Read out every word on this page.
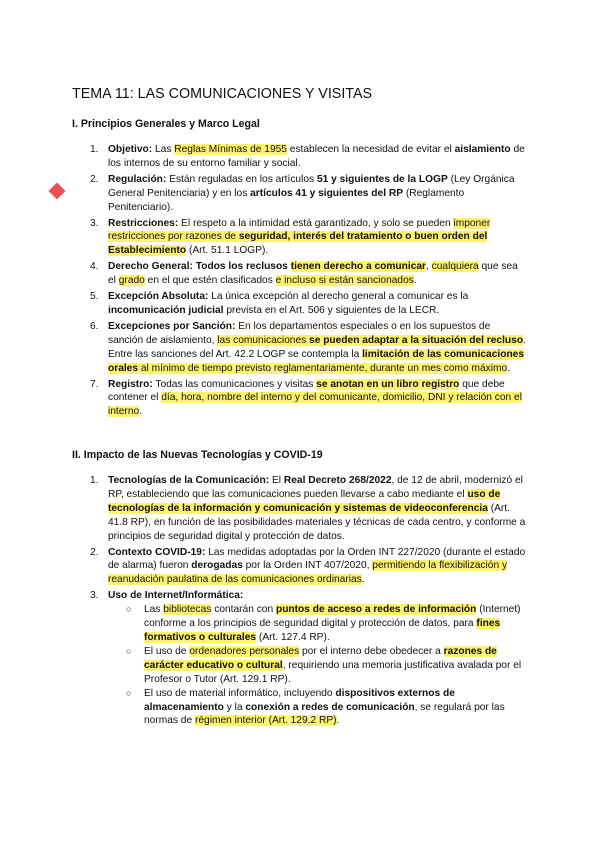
TEMA 11: LAS COMUNICACIONES Y VISITAS
I. Principios Generales y Marco Legal
1. Objetivo: Las Reglas Mínimas de 1955 establecen la necesidad de evitar el aislamiento de los internos de su entorno familiar y social.

2. Regulación: Están reguladas en los artículos 51 y siguientes de la LOGP (Ley Orgánica General Penitenciaria) y en los artículos 41 y siguientes del RP (Reglamento Penitenciario).

3. Restricciones: El respeto a la intimidad está garantizado, y solo se pueden imponer restricciones por razones de seguridad, interés del tratamiento o buen orden del Establecimiento (Art. 51.1 LOGP).

4. Derecho General: Todos los reclusos tienen derecho a comunicar, cualquiera que sea el grado en el que estén clasificados e incluso si están sancionados.

5. Excepción Absoluta: La única excepción al derecho general a comunicar es la incomunicación judicial prevista en el Art. 506 y siguientes de la LECR.

6. Excepciones por Sanción: En los departamentos especiales o en los supuestos de sanción de aislamiento, las comunicaciones se pueden adaptar a la situación del recluso. Entre las sanciones del Art. 42.2 LOGP se contempla la limitación de las comunicaciones orales al mínimo de tiempo previsto reglamentariamente, durante un mes como máximo.

7. Registro: Todas las comunicaciones y visitas se anotan en un libro registro que debe contener el día, hora, nombre del interno y del comunicante, domicilio, DNI y relación con el interno.

II. Impacto de las Nuevas Tecnologías y COVID-19
1. Tecnologías de la Comunicación: El Real Decreto 268/2022, de 12 de abril, modernizó el RP, estableciendo que las comunicaciones pueden llevarse a cabo mediante el uso de tecnologías de la información y comunicación y sistemas de videoconferencia (Art. 41.8 RP), en función de las posibilidades materiales y técnicas de cada centro, y conforme a principios de seguridad digital y protección de datos.

2. Contexto COVID-19: Las medidas adoptadas por la Orden INT 227/2020 (durante el estado de alarma) fueron derogadas por la Orden INT 407/2020, permitiendo la flexibilización y reanudación paulatina de las comunicaciones ordinarias.

3. Uso de Internet/Informática:

○ Las bibliotecas contarán con puntos de acceso a redes de información (Internet) conforme a los principios de seguridad digital y protección de datos, para fines formativos o culturales (Art. 127.4 RP).
○ El uso de ordenadores personales por el interno debe obedecer a razones de carácter educativo o cultural, requiriendo una memoria justificativa avalada por el Profesor o Tutor (Art. 129.1 RP).
○ El uso de material informático, incluyendo dispositivos externos de almacenamiento y la conexión a redes de comunicación, se regulará por las normas de régimen interior (Art. 129.2 RP).
